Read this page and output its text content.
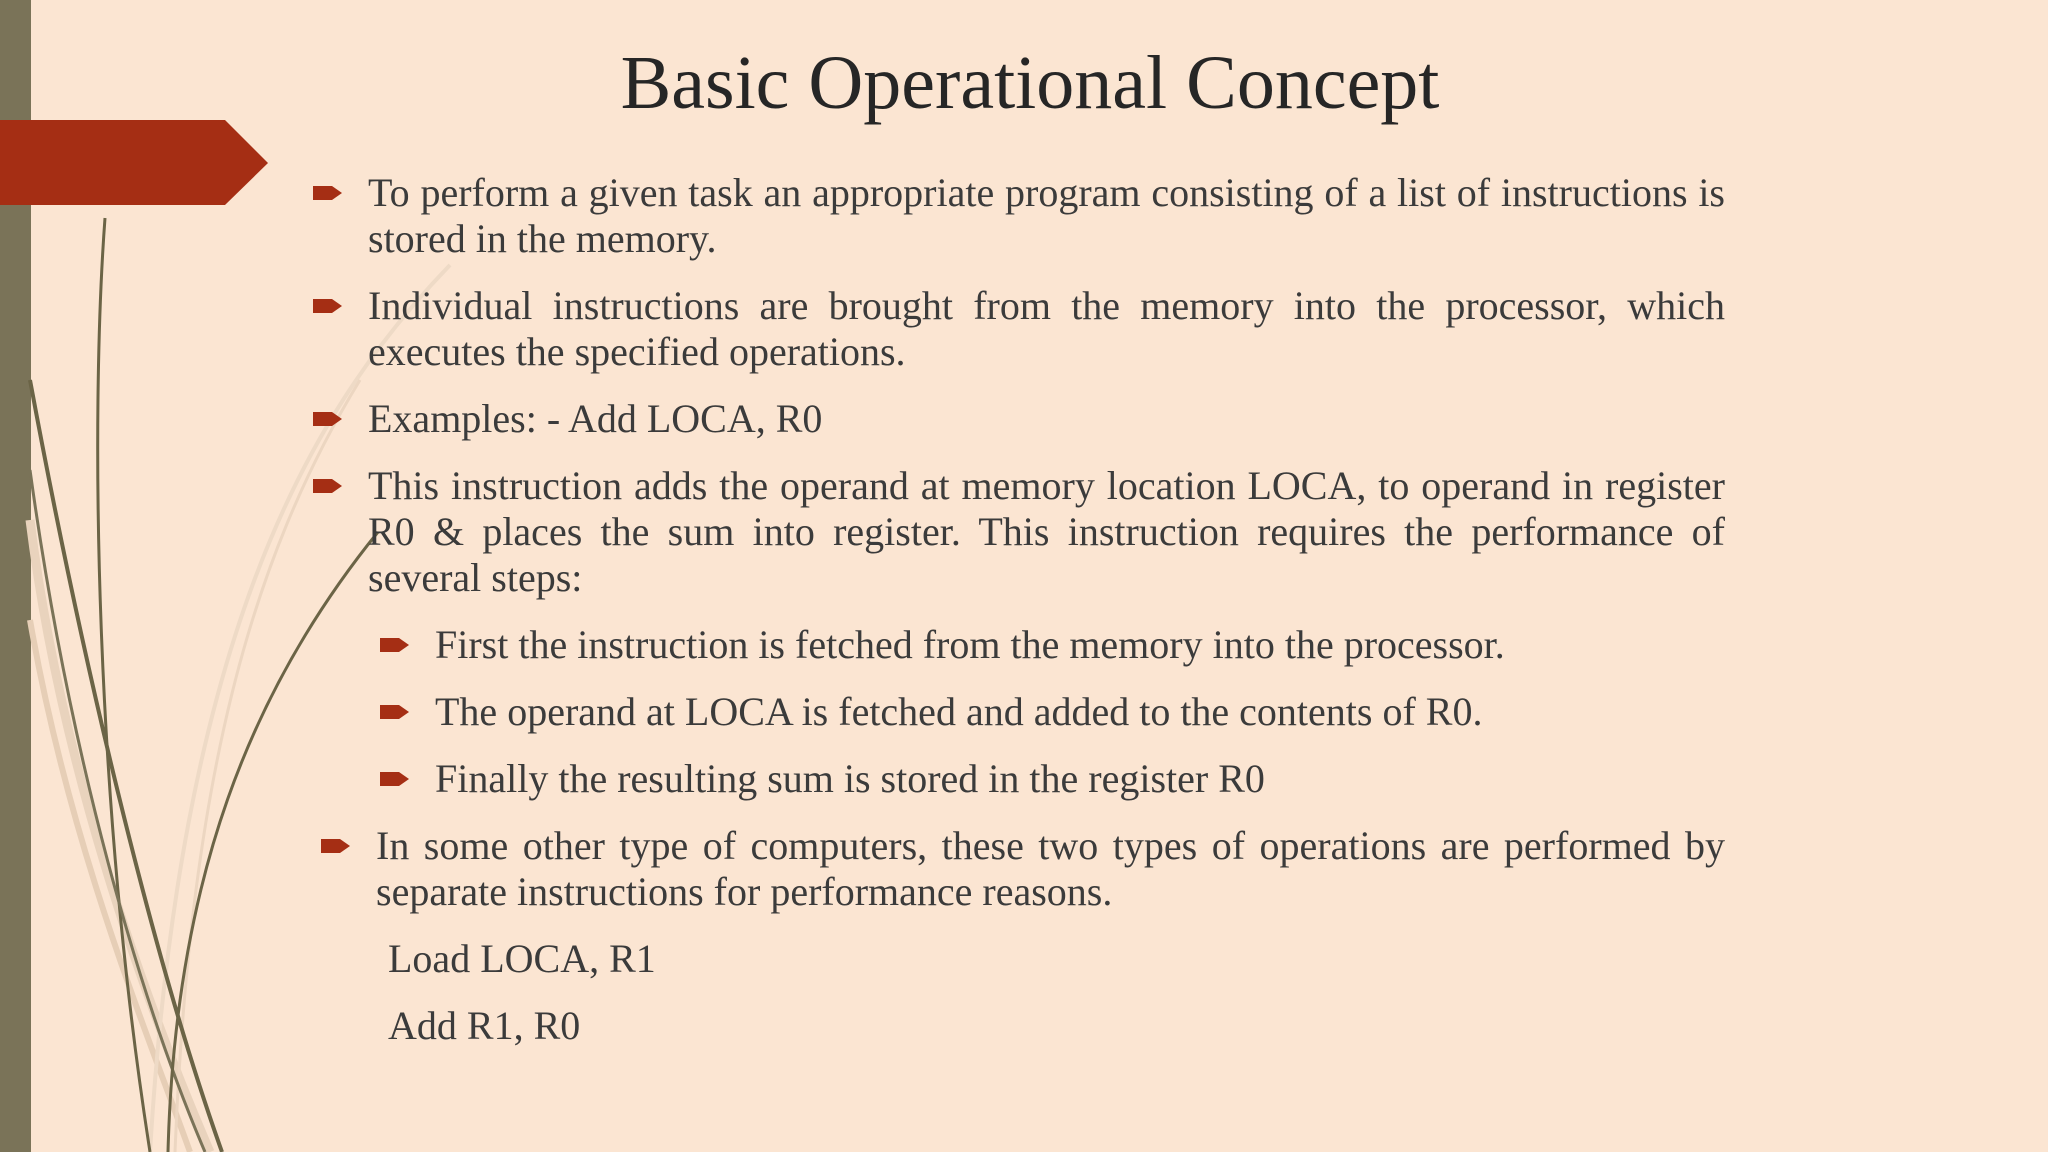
Basic Operational Concept

To perform a given task an appropriate program consisting of a list of instructions is stored in the memory.

Individual instructions are brought from the memory into the processor, which executes the specified operations.

Examples: - Add LOCA, R0

This instruction adds the operand at memory location LOCA, to operand in register R0 & places the sum into register. This instruction requires the performance of several steps:

First the instruction is fetched from the memory into the processor.

The operand at LOCA is fetched and added to the contents of R0.

Finally the resulting sum is stored in the register R0

In some other type of computers, these two types of operations are performed by separate instructions for performance reasons.

Load LOCA, R1

Add R1, R0
